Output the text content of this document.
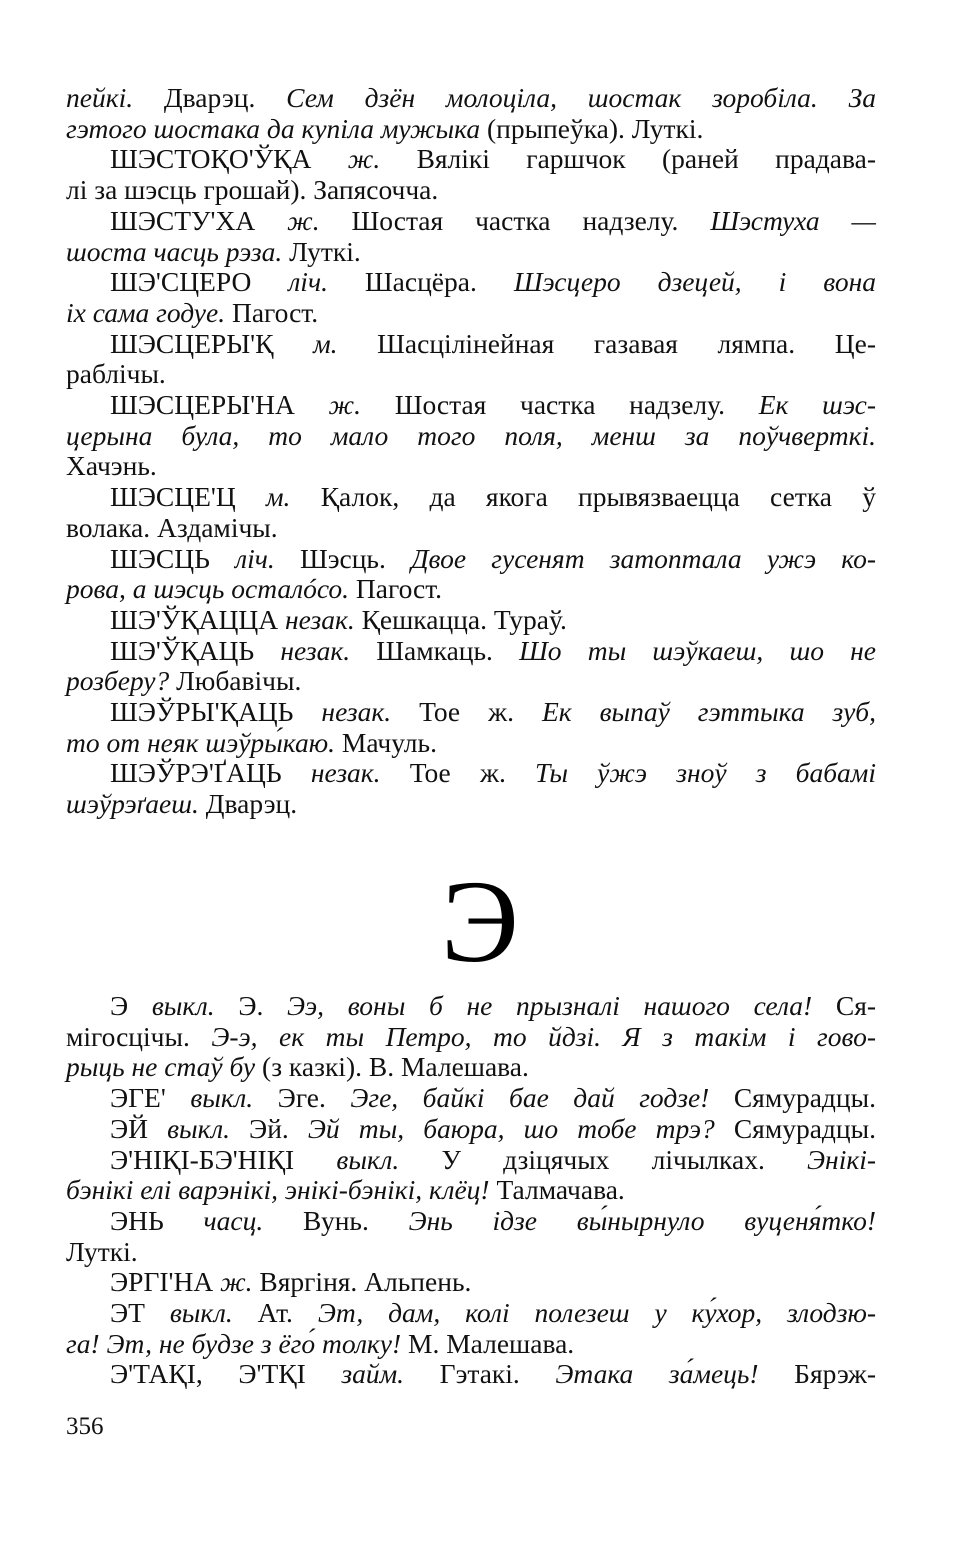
пейкі. Дварэц. Сем дзён молоціла, шостак зоробіла. За
гэтого шостака да купіла мужыка (прыпеўка). Луткі.
ШЭСТОҚО'ЎҚА ж. Вялікі гаршчок (раней прадава-
лі за шэсць грошай). Запясочча.
ШЭСТУ'ХА ж. Шостая частка надзелу. Шэстуха —
шоста часць рэза. Луткі.
ШЭ'СЦЕРО ліч. Шасцёра. Шэсцеро дзецей, і вона
іх сама годуе. Пагост.
ШЭСЦЕРЫ'Қ м. Шасцілінейная газавая лямпа. Це-
раблічы.
ШЭСЦЕРЫ'НА ж. Шостая частка надзелу. Ек шэс-
церына була, то мало того поля, менш за поўчверткі.
Хачэнь.
ШЭСЦЕ'Ц м. Қалок, да якога прывязваецца сетка ў
волака. Аздамічы.
ШЭСЦЬ ліч. Шэсць. Двое гусенят затоптала ужэ ко-
рова, а шэсць осталóсо. Пагост.
ШЭ'ЎҚАЦЦА незак. Қешкацца. Тураў.
ШЭ'ЎҚАЦЬ незак. Шамкаць. Шо ты шэўкаеш, шо не
розберу? Любавічы.
ШЭЎРЫ'ҚАЦЬ незак. Тое ж. Ек выпаў гэттыка зуб,
то от неяк шэўры́каю. Мачуль.
ШЭЎРЭ'ҐАЦЬ незак. Тое ж. Ты ўжэ зноў з бабамі
шэўрэґаеш. Дварэц.
Э
Э выкл. Э. Ээ, воны б не прызналі нашого села! Ся-
мігосцічы. Э-э, ек ты Петро, то йдзі. Я з такім і гово-
рыць не стаў бу (з казкі). В. Малешава.
ЭГЕ' выкл. Эге. Эге, байкі бае дай годзе! Сямурадцы.
ЭЙ выкл. Эй. Эй ты, баюра, шо тобе трэ? Сямурадцы.
Э'НІҚІ-БЭ'НІҚІ выкл. У дзіцячых лічылках. Энікі-
бэнікі елі варэнікі, энікі-бэнікі, клёц! Талмачава.
ЭНЬ часц. Вунь. Энь ідзе вы́нырнуло вуценя́тко!
Луткі.
ЭРГІ'НА ж. Вяргіня. Альпень.
ЭТ выкл. Ат. Эт, дам, колі полезеш у ку́хор, злодзю-
га! Эт, не будзе з ёго́ толку! М. Малешава.
Э'ТАҚІ, Э'ТҚІ займ. Гэтакі. Этака за́мець! Бярэж-
356
